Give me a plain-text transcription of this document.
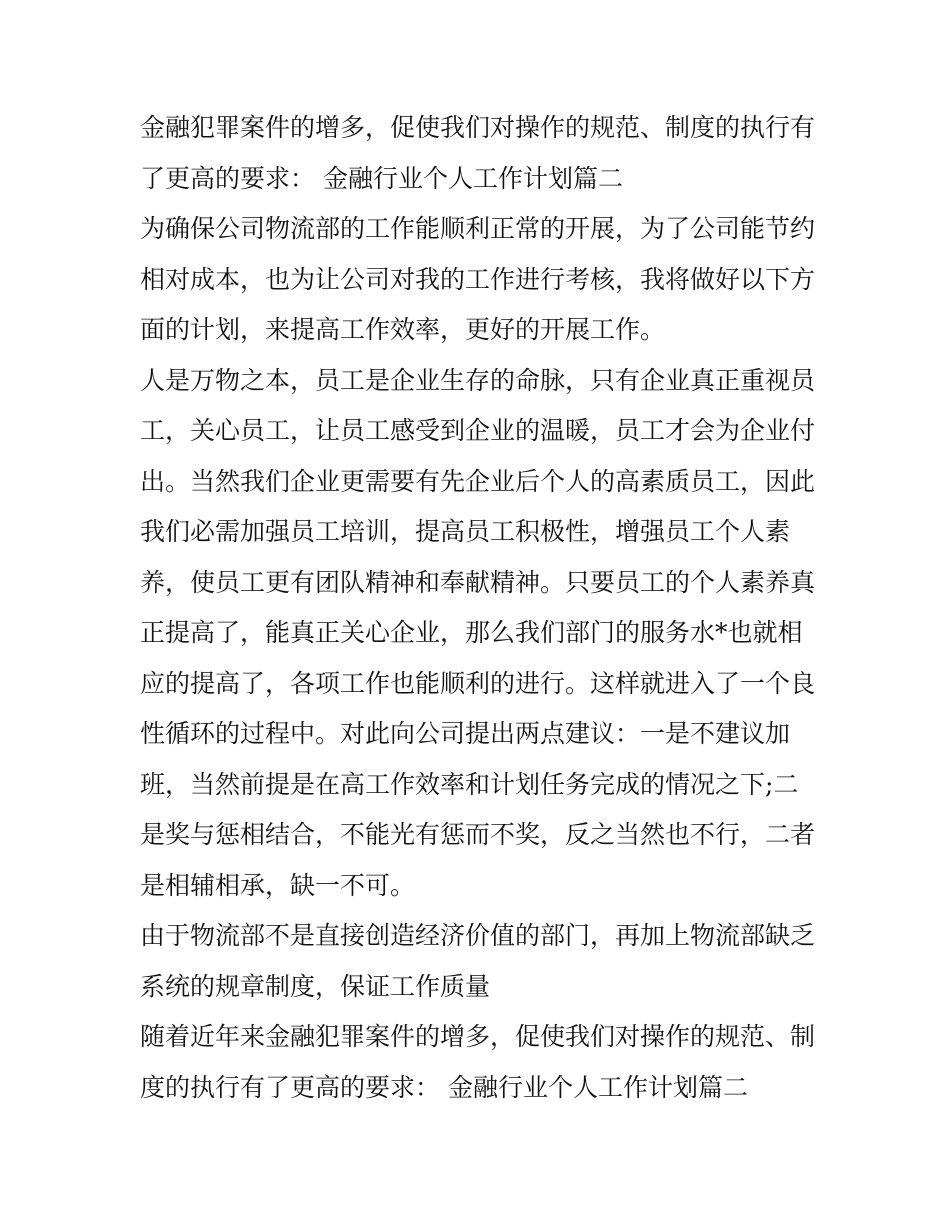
金融犯罪案件的增多，促使我们对操作的规范、制度的执行有
了更高的要求： 金融行业个人工作计划篇二
为确保公司物流部的工作能顺利正常的开展，为了公司能节约
相对成本，也为让公司对我的工作进行考核，我将做好以下方
面的计划，来提高工作效率，更好的开展工作。
人是万物之本，员工是企业生存的命脉，只有企业真正重视员
工，关心员工，让员工感受到企业的温暖，员工才会为企业付
出。当然我们企业更需要有先企业后个人的高素质员工，因此
我们必需加强员工培训，提高员工积极性，增强员工个人素
养，使员工更有团队精神和奉献精神。只要员工的个人素养真
正提高了，能真正关心企业，那么我们部门的服务水*也就相
应的提高了，各项工作也能顺利的进行。这样就进入了一个良
性循环的过程中。对此向公司提出两点建议：一是不建议加
班，当然前提是在高工作效率和计划任务完成的情况之下;二
是奖与惩相结合，不能光有惩而不奖，反之当然也不行，二者
是相辅相承，缺一不可。
由于物流部不是直接创造经济价值的部门，再加上物流部缺乏
系统的规章制度，保证工作质量
随着近年来金融犯罪案件的增多，促使我们对操作的规范、制
度的执行有了更高的要求： 金融行业个人工作计划篇二
